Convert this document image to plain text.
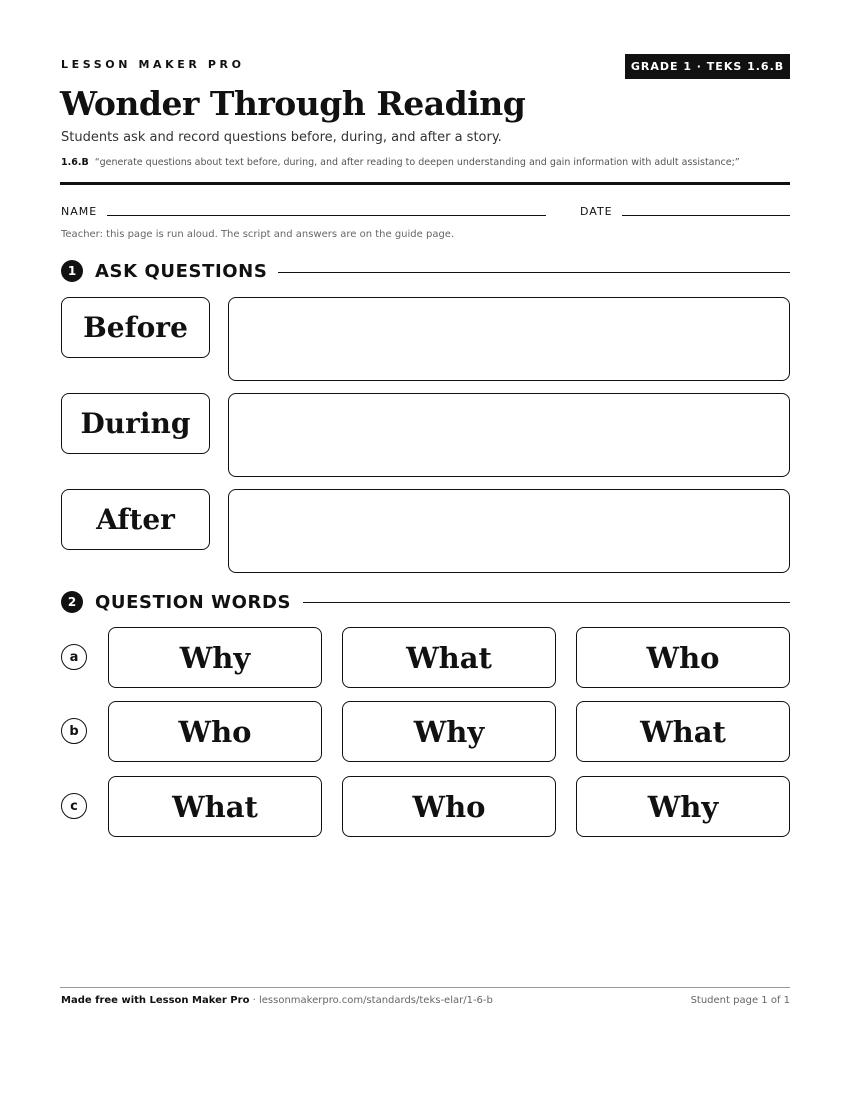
LESSON MAKER PRO	GRADE 1 · TEKS 1.6.B
Wonder Through Reading
Students ask and record questions before, during, and after a story.
1.6.B “generate questions about text before, during, and after reading to deepen understanding and gain information with adult assistance;”
NAME	DATE
Teacher: this page is run aloud. The script and answers are on the guide page.
1	ASK QUESTIONS
Before
During
After
2	QUESTION WORDS
a	Why	What	Who
b	Who	Why	What
c	What	Who	Why
Made free with Lesson Maker Pro · lessonmakerpro.com/standards/teks-elar/1-6-b	Student page 1 of 1
